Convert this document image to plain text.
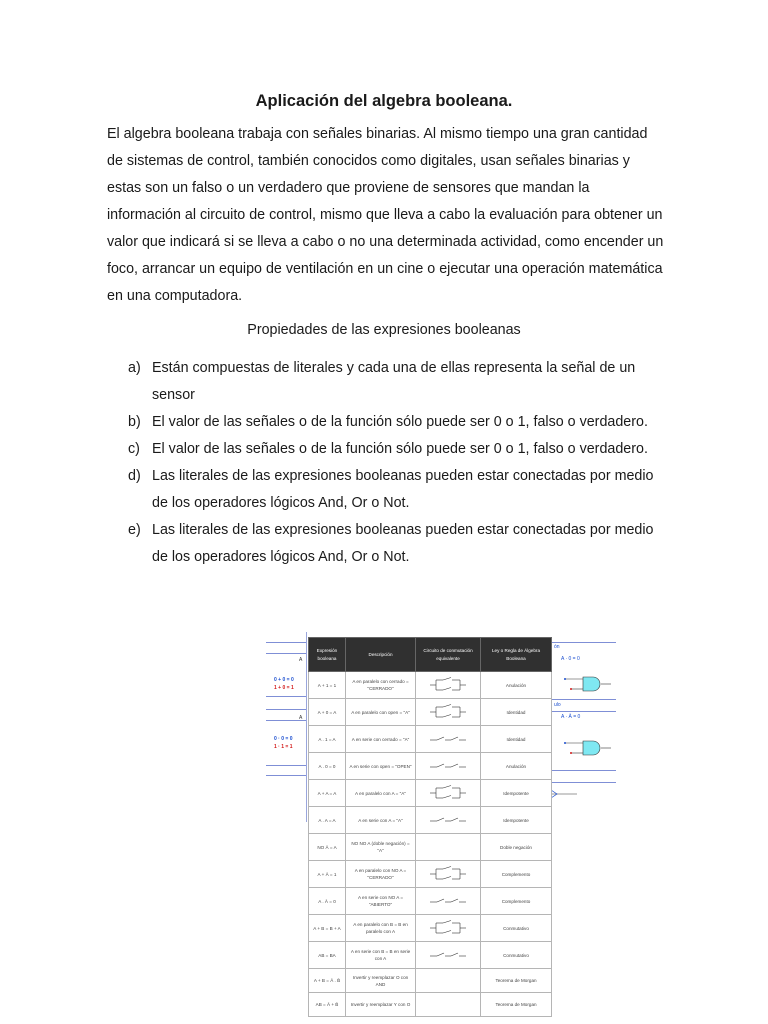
Aplicación del algebra booleana.

El algebra booleana trabaja con señales binarias. Al mismo tiempo una gran cantidad de sistemas de control, también conocidos como digitales, usan señales binarias y estas son un falso o un verdadero que proviene de sensores que mandan la información al circuito de control, mismo que lleva a cabo la evaluación para obtener un valor que indicará si se lleva a cabo o no una determinada actividad, como encender un foco, arrancar un equipo de ventilación en un cine o ejecutar una operación matemática en una computadora.

Propiedades de las expresiones booleanas
a) Están compuestas de literales y cada una de ellas representa la señal de un sensor
b) El valor de las señales o de la función sólo puede ser 0 o 1, falso o verdadero.
c) El valor de las señales o de la función sólo puede ser 0 o 1, falso o verdadero.
d) Las literales de las expresiones booleanas pueden estar conectadas por medio de los operadores lógicos And, Or o Not.
e) Las literales de las expresiones booleanas pueden estar conectadas por medio de los operadores lógicos And, Or o Not.
A
A
0 + 0 = 0
1 + 0 = 1
0 · 0 = 0
1 · 1 = 1
ón
A · 0 = 0
ulo
A · Ā = 0
Expresión booleana	Descripción	Circuito de conmutación equivalente	Ley o Regla de Álgebra Booleana
A + 1 = 1	A en paralelo con cerrado = "CERRADO"		Anulación
A + 0 = A	A en paralelo con open = "A"		Identidad
A . 1 = A	A en serie con cerrado = "A"		Identidad
A . 0 = 0	A en serie con open = "OPEN"		Anulación
A + A = A	A en paralelo con A = "A"		Idempotente
A . A = A	A en serie con A = "A"		Idempotente
NO Ā = A	NO NO A (doble negación) = "A"		Doble negación
A + Ā = 1	A en paralelo con NO A = "CERRADO"		Complemento
A . Ā = 0	A en serie con NO A = "ABIERTO"		Complemento
A + B = B + A	A en paralelo con B = B en paralelo con A		Conmutativo
AB = BA	A en serie con B = B en serie con A		Conmutativo
A + B = Ā . B̄	Invertir y reemplazar O con AND		Teorema de Morgan
AB = Ā + B̄	Invertir y reemplazar Y con O		Teorema de Morgan
